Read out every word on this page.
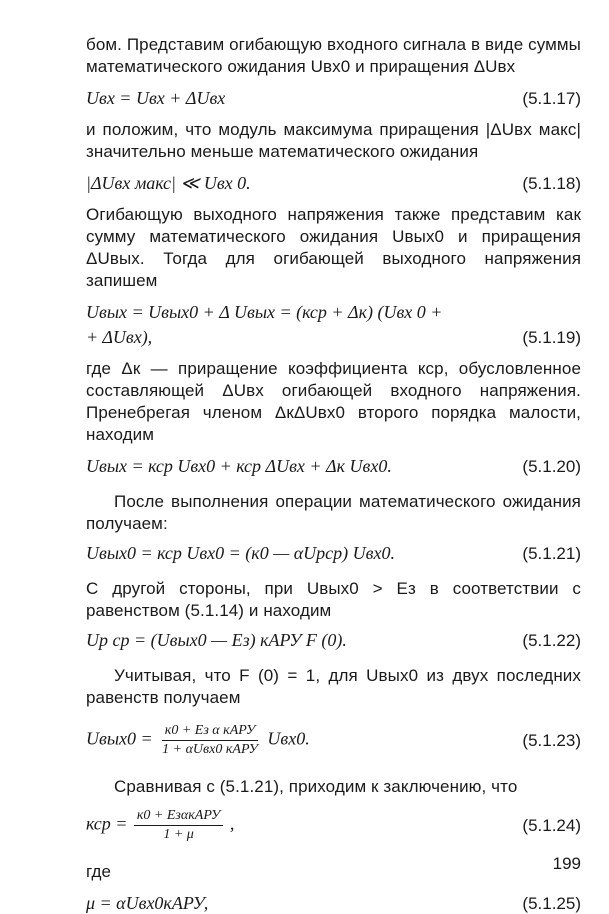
бом. Представим огибающую входного сигнала в виде суммы математического ожидания Uвх0 и приращения ΔUвх

Uвх = Uвх + ΔUвх	(5.1.17)

и положим, что модуль максимума приращения |ΔUвх макс| значительно меньше математического ожидания

|ΔUвх макс| ≪ Uвх 0.	(5.1.18)

Огибающую выходного напряжения также представим как сумму математического ожидания Uвых0 и приращения ΔUвых. Тогда для огибающей выходного напряжения запишем

Uвых = Uвых0 + Δ Uвых = (кср + Δк) (Uвх 0 +
+ ΔUвх),	(5.1.19)

где Δк — приращение коэффициента кср, обусловленное составляющей ΔUвх огибающей входного напряжения. Пренебрегая членом ΔкΔUвх0 второго порядка малости, находим

Uвых = кср Uвх0 + кср ΔUвх + Δк Uвх0.	(5.1.20)

После выполнения операции математического ожидания получаем:

Uвых0 = кср Uвх0 = (к0 — αUрср) Uвх0.	(5.1.21)

С другой стороны, при Uвых0 > Eз в соответствии с равенством (5.1.14) и находим

Uр ср = (Uвых0 — Eз) кАРУ F (0).	(5.1.22)

Учитывая, что F (0) = 1, для Uвых0 из двух последних равенств получаем

Uвых0 = $\frac{\text{к0 + Eз α кАРУ}}{\text{1 + αUвх0 кАРУ}} Uвх0$.	(5.1.23)

Сравнивая с (5.1.21), приходим к заключению, что

кср = $\frac{\text{к0 + EзαкАРУ}}{1 + \mu}$ ,	(5.1.24)

где

μ = αUвх0кАРУ,	(5.1.25)
199
